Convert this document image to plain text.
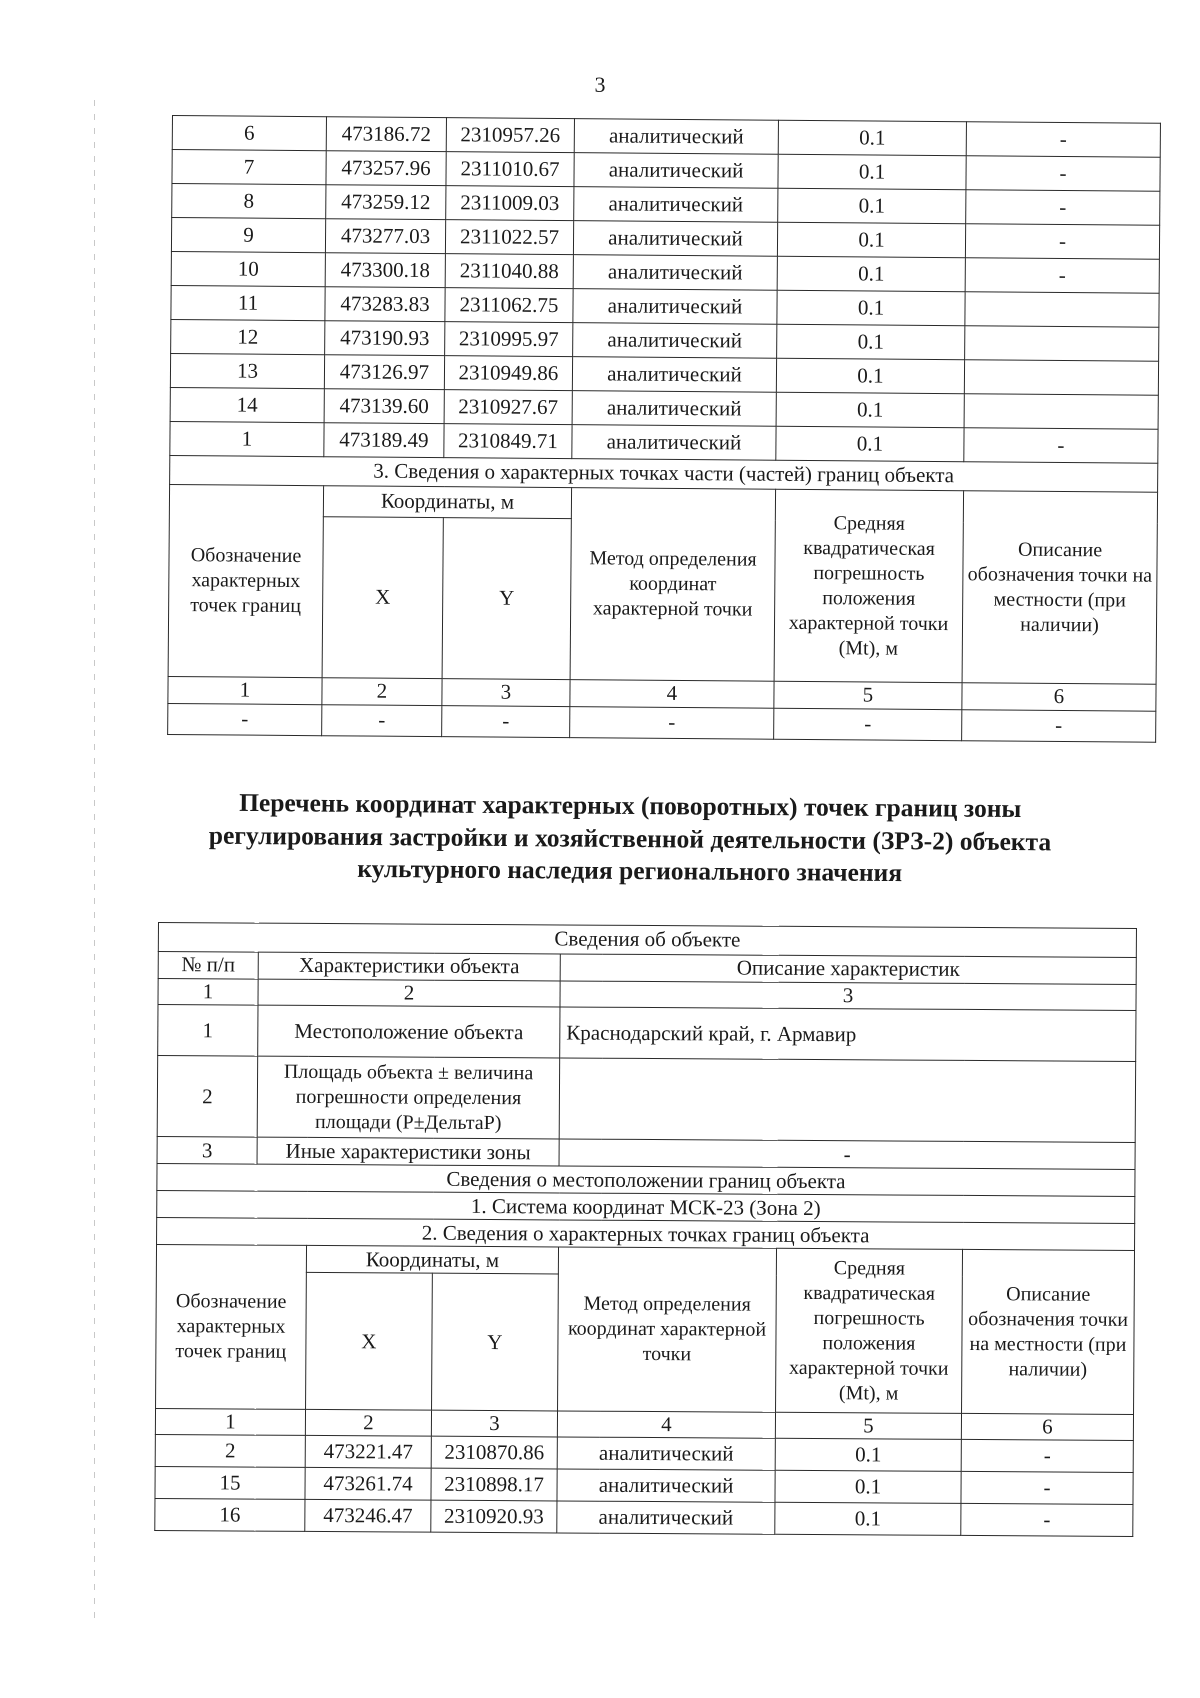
3
6	473186.72	2310957.26	аналитический	0.1	-
7	473257.96	2311010.67	аналитический	0.1	-
8	473259.12	2311009.03	аналитический	0.1	-
9	473277.03	2311022.57	аналитический	0.1	-
10	473300.18	2311040.88	аналитический	0.1	-
11	473283.83	2311062.75	аналитический	0.1	
12	473190.93	2310995.97	аналитический	0.1	
13	473126.97	2310949.86	аналитический	0.1	
14	473139.60	2310927.67	аналитический	0.1	
1	473189.49	2310849.71	аналитический	0.1	-
3. Сведения о характерных точках части (частей) границ объекта					
Обозначение характерных точек границ	Координаты, м		Метод определения координат характерной точки	Средняя квадратическая погрешность положения характерной точки (Mt), м	Описание обозначения точки на местности (при наличии)
	X	Y			
1	2	3	4	5	6
-	-	-	-	-	-
Перечень координат характерных (поворотных) точек границ зоны регулирования застройки и хозяйственной деятельности (ЗРЗ-2) объекта культурного наследия регионального значения
Сведения об объекте						
№ п/п	Характеристики объекта			Описание характеристик		
1	2			3		
1	Местоположение объекта			Краснодарский край, г. Армавир		
2	Площадь объекта ± величина погрешности определения площади (Р±ДельтаР)					
3	Иные характеристики зоны			-		
Сведения о местоположении границ объекта						
1. Система координат МСК-23 (Зона 2)						
2. Сведения о характерных точках границ объекта						
Обозначение характерных точек границ		Координаты, м		Метод определения координат характерной точки	Средняя квадратическая погрешность положения характерной точки (Mt), м	Описание обозначения точки на местности (при наличии)
		X	Y			
1		2	3	4	5	6
2		473221.47	2310870.86	аналитический	0.1	-
15		473261.74	2310898.17	аналитический	0.1	-
16		473246.47	2310920.93	аналитический	0.1	-
